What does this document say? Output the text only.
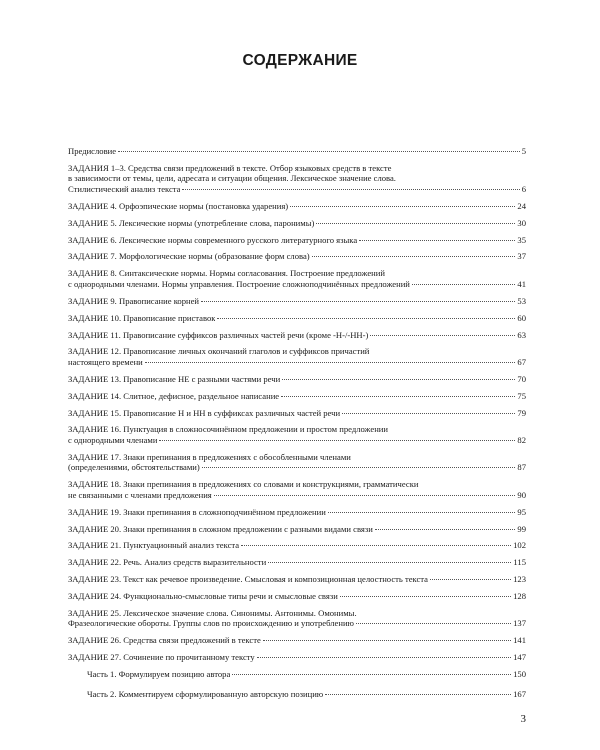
СОДЕРЖАНИЕ
Предисловие	5
ЗАДАНИЯ 1–3. Средства связи предложений в тексте. Отбор языковых средств в тексте
в зависимости от темы, цели, адресата и ситуации общения. Лексическое значение слова.
Стилистический анализ текста	6
ЗАДАНИЕ 4. Орфоэпические нормы (постановка ударения)	24
ЗАДАНИЕ 5. Лексические нормы (употребление слова, паронимы)	30
ЗАДАНИЕ 6. Лексические нормы современного русского литературного языка	35
ЗАДАНИЕ 7. Морфологические нормы (образование форм слова)	37
ЗАДАНИЕ 8. Синтаксические нормы. Нормы согласования. Построение предложений
с однородными членами. Нормы управления. Построение сложноподчинённых предложений	41
ЗАДАНИЕ 9. Правописание корней	53
ЗАДАНИЕ 10. Правописание приставок	60
ЗАДАНИЕ 11. Правописание суффиксов различных частей речи (кроме -Н-/-НН-)	63
ЗАДАНИЕ 12. Правописание личных окончаний глаголов и суффиксов причастий
настоящего времени	67
ЗАДАНИЕ 13. Правописание НЕ с разными частями речи	70
ЗАДАНИЕ 14. Слитное, дефисное, раздельное написание	75
ЗАДАНИЕ 15. Правописание Н и НН в суффиксах различных частей речи	79
ЗАДАНИЕ 16. Пунктуация в сложносочинённом предложении и простом предложении
с однородными членами	82
ЗАДАНИЕ 17. Знаки препинания в предложениях с обособленными членами
(определениями, обстоятельствами)	87
ЗАДАНИЕ 18. Знаки препинания в предложениях со словами и конструкциями, грамматически
не связанными с членами предложения	90
ЗАДАНИЕ 19. Знаки препинания в сложноподчинённом предложении	95
ЗАДАНИЕ 20. Знаки препинания в сложном предложении с разными видами связи	99
ЗАДАНИЕ 21. Пунктуационный анализ текста	102
ЗАДАНИЕ 22. Речь. Анализ средств выразительности	115
ЗАДАНИЕ 23. Текст как речевое произведение. Смысловая и композиционная целостность текста	123
ЗАДАНИЕ 24. Функционально-смысловые типы речи и смысловые связи	128
ЗАДАНИЕ 25. Лексическое значение слова. Синонимы. Антонимы. Омонимы.
Фразеологические обороты. Группы слов по происхождению и употреблению	137
ЗАДАНИЕ 26. Средства связи предложений в тексте	141
ЗАДАНИЕ 27. Сочинение по прочитанному тексту	147
Часть 1. Формулируем позицию автора	150
Часть 2. Комментируем сформулированную авторскую позицию	167
3
